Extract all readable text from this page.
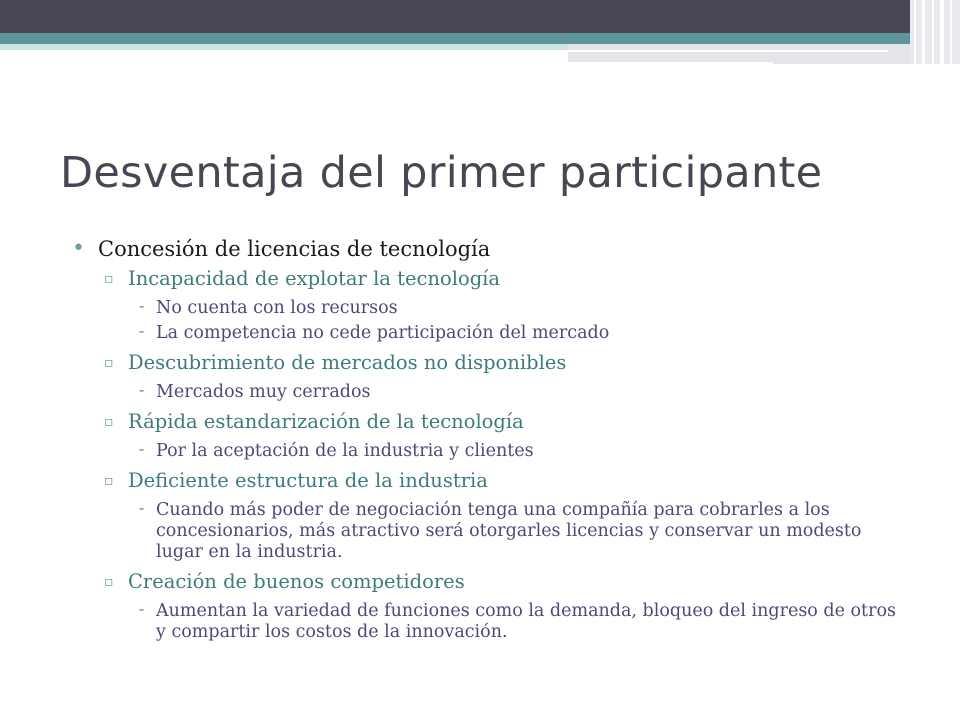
Desventaja del primer participante
• Concesión de licencias de tecnología
▫ Incapacidad de explotar la tecnología
⁃ No cuenta con los recursos
⁃ La competencia no cede participación del mercado
▫ Descubrimiento de mercados no disponibles
⁃ Mercados muy cerrados
▫ Rápida estandarización de la tecnología
⁃ Por la aceptación de la industria y clientes
▫ Deficiente estructura de la industria
⁃ Cuando más poder de negociación tenga una compañía para cobrarles a los concesionarios, más atractivo será otorgarles licencias y conservar un modesto lugar en la industria.
▫ Creación de buenos competidores
⁃ Aumentan la variedad de funciones como la demanda, bloqueo del ingreso de otros y compartir los costos de la innovación.
